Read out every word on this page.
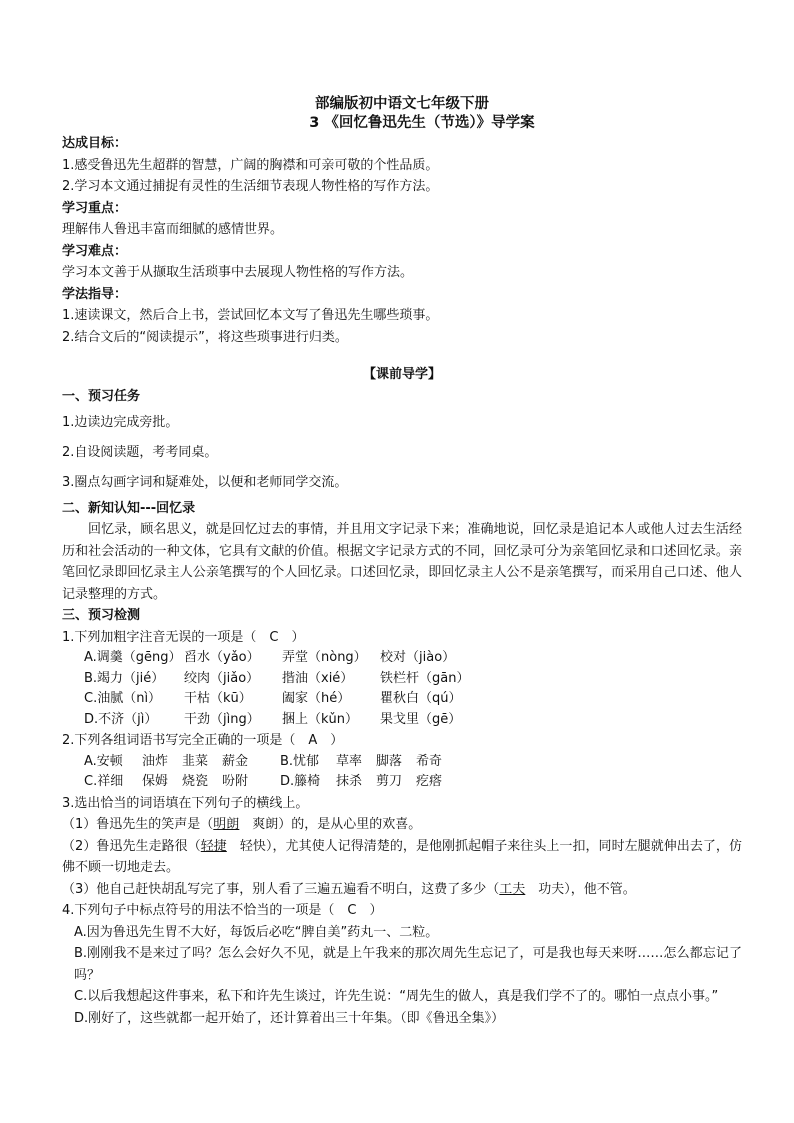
部编版初中语文七年级下册
3 《回忆鲁迅先生（节选）》导学案
达成目标：
1.感受鲁迅先生超群的智慧，广阔的胸襟和可亲可敬的个性品质。
2.学习本文通过捕捉有灵性的生活细节表现人物性格的写作方法。
学习重点：
理解伟人鲁迅丰富而细腻的感情世界。
学习难点：
学习本文善于从撷取生活琐事中去展现人物性格的写作方法。
学法指导：
1.速读课文，然后合上书，尝试回忆本文写了鲁迅先生哪些琐事。
2.结合文后的“阅读提示”，将这些琐事进行归类。
【课前导学】
一、预习任务
1.边读边完成旁批。
2.自设阅读题，考考同桌。
3.圈点勾画字词和疑难处，以便和老师同学交流。
二、新知认知---回忆录
回忆录，顾名思义，就是回忆过去的事情，并且用文字记录下来；准确地说，回忆录是追记本人或他人过去生活经历和社会活动的一种文体，它具有文献的价值。根据文字记录方式的不同，回忆录可分为亲笔回忆录和口述回忆录。亲笔回忆录即回忆录主人公亲笔撰写的个人回忆录。口述回忆录，即回忆录主人公不是亲笔撰写，而采用自己口述、他人记录整理的方式。
三、预习检测
1.下列加粗字注音无误的一项是（　C　）
A.调羹（gēng） 舀水（yǎo） 弄堂（nòng） 校对（jiào）
B.竭力（jié） 绞肉（jiǎo） 揩油（xié） 铁栏杆（gān）
C.油腻（nì） 干枯（kū） 阖家（hé） 瞿秋白（qú）
D.不济（jì） 干劲（jìng） 捆上（kǔn） 果戈里（gē）
2.下列各组词语书写完全正确的一项是（　A　）
A.安顿 油炸 韭菜 薪金 B.忧郁 草率 脚落 希奇
C.祥细 保姆 烧瓷 吩附 D.籐椅 抹杀 剪刀 疙瘩
3.选出恰当的词语填在下列句子的横线上。
（1）鲁迅先生的笑声是（明朗　爽朗）的，是从心里的欢喜。
（2）鲁迅先生走路很（轻捷　轻快），尤其使人记得清楚的，是他刚抓起帽子来往头上一扣，同时左腿就伸出去了，仿佛不顾一切地走去。
（3）他自己赶快胡乱写完了事，别人看了三遍五遍看不明白，这费了多少（工夫　功夫），他不管。
4.下列句子中标点符号的用法不恰当的一项是（　C　）
A.因为鲁迅先生胃不大好，每饭后必吃“脾自美”药丸一、二粒。
B.刚刚我不是来过了吗？怎么会好久不见，就是上午我来的那次周先生忘记了，可是我也每天来呀……怎么都忘记了吗？
C.以后我想起这件事来，私下和许先生谈过，许先生说：“周先生的做人，真是我们学不了的。哪怕一点点小事。”
D.刚好了，这些就都一起开始了，还计算着出三十年集。（即《鲁迅全集》）
